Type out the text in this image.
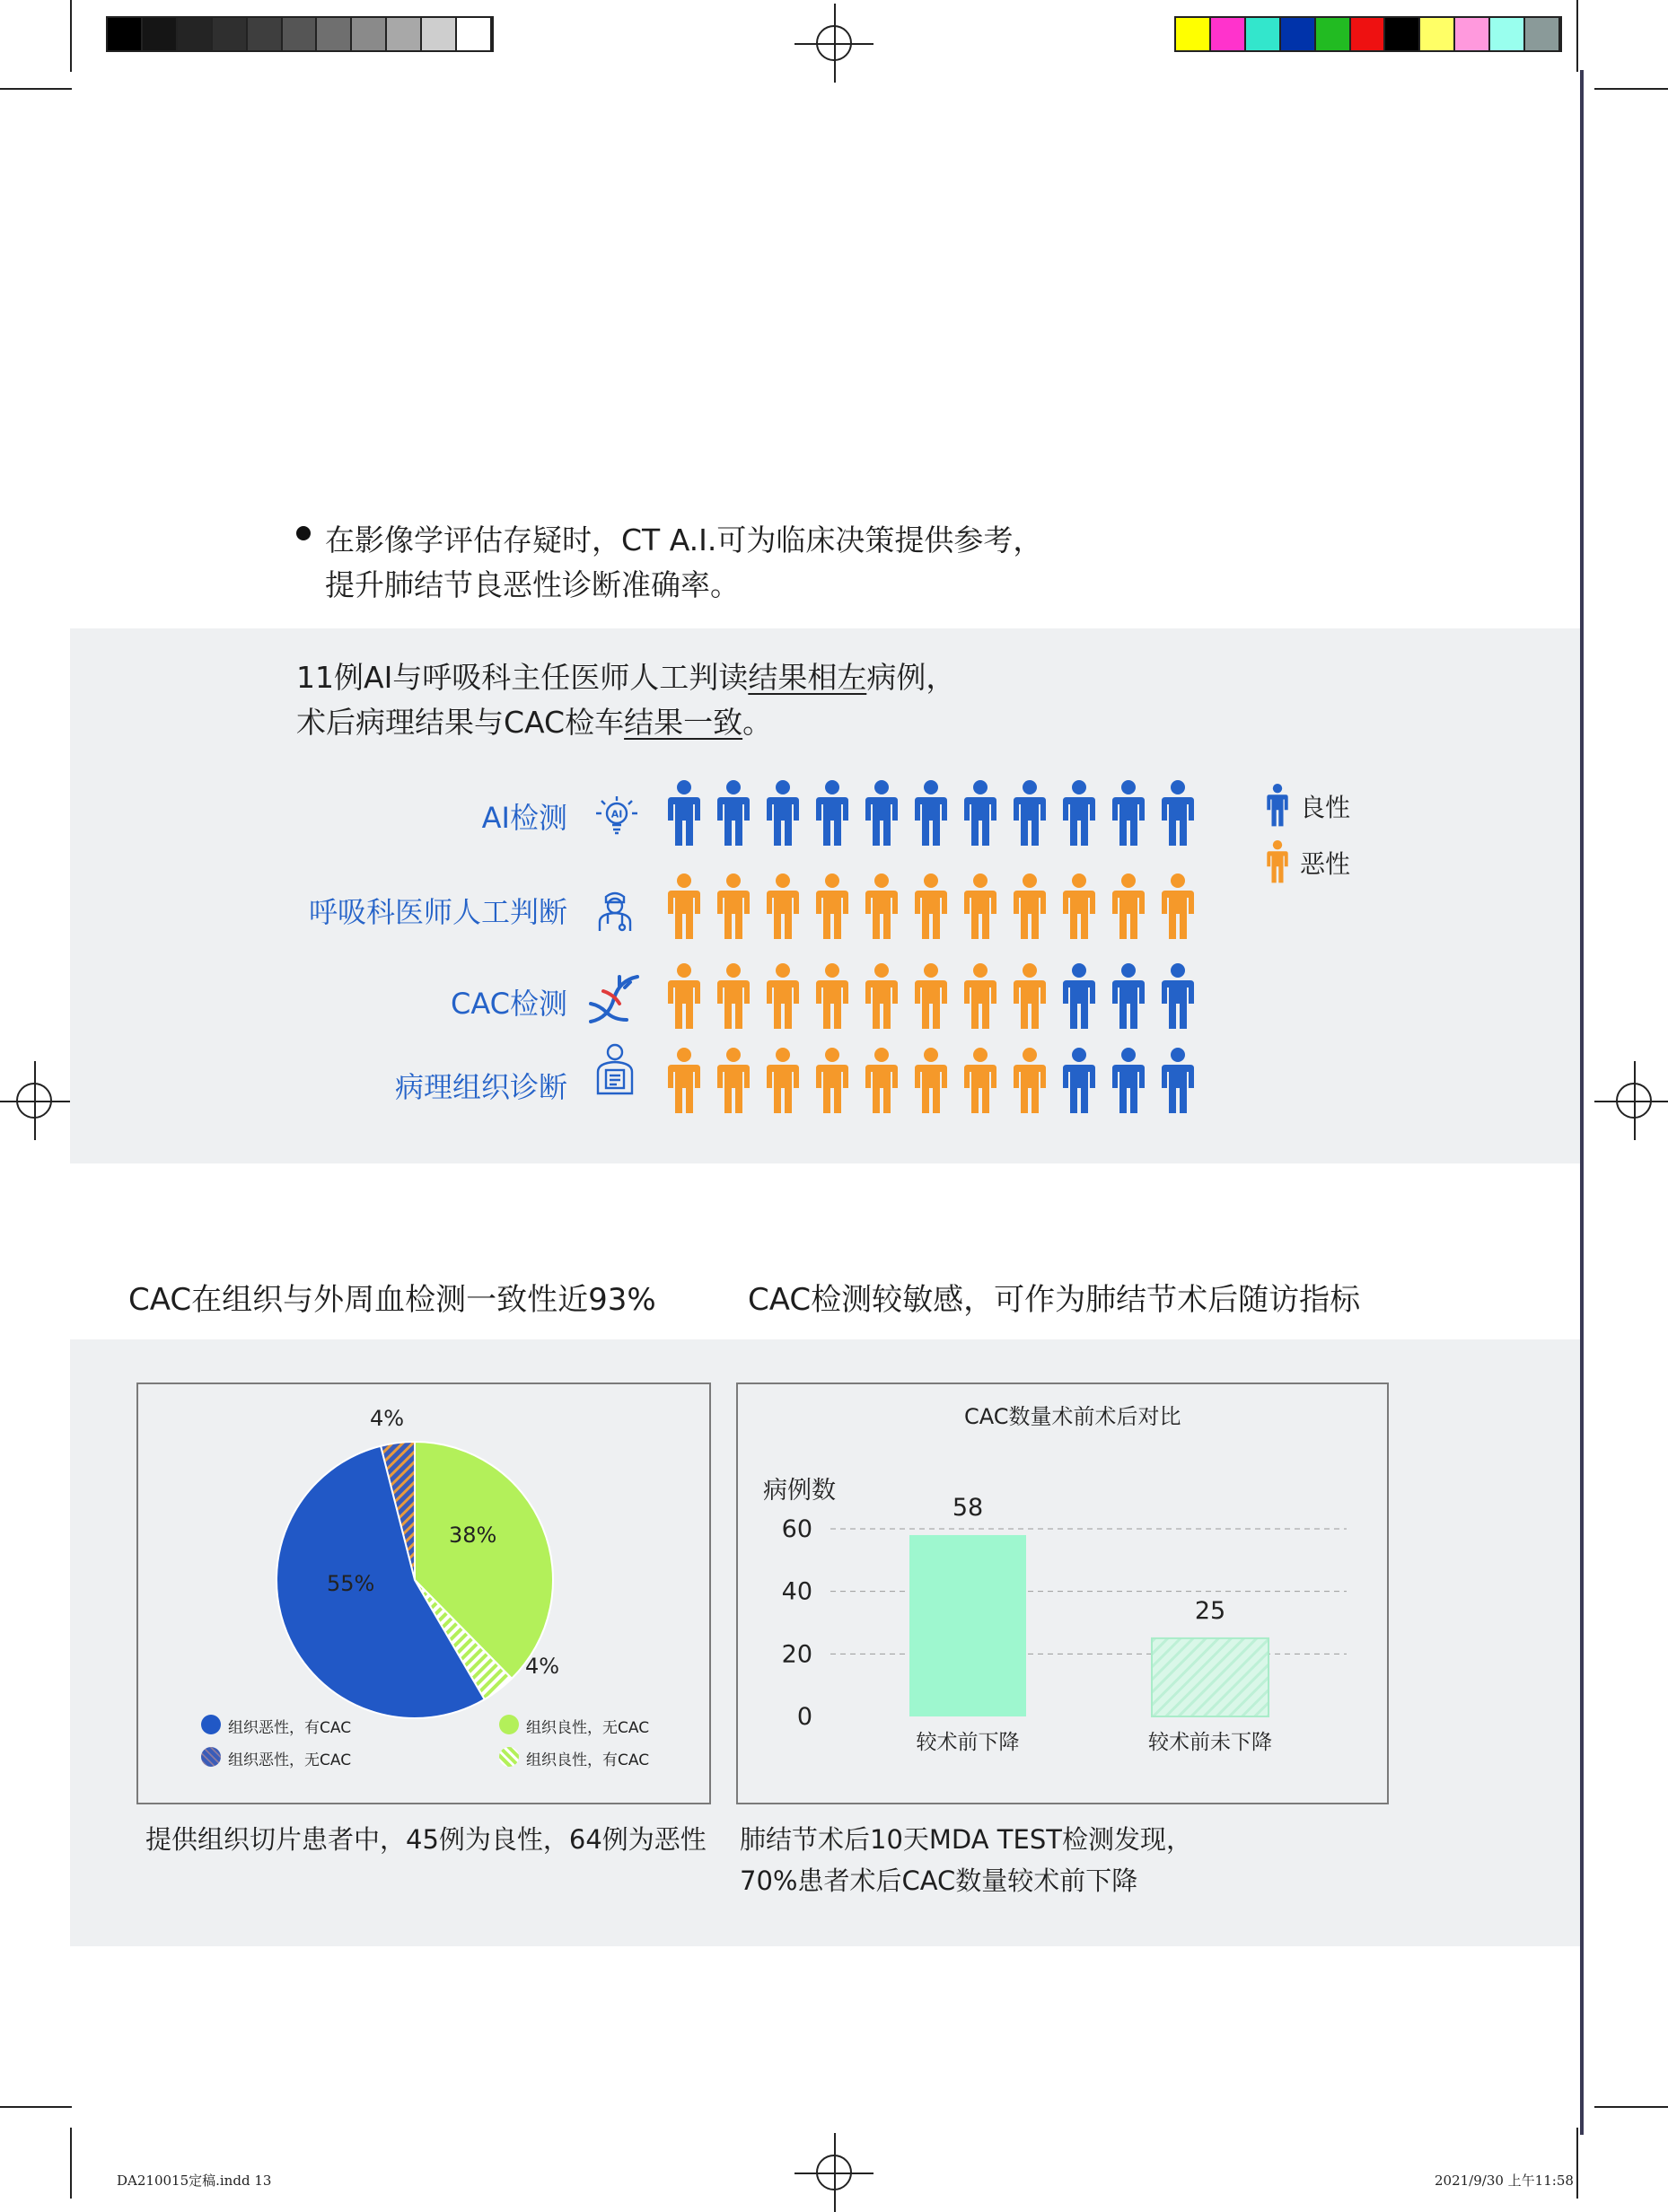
在影像学评估存疑时，CT A.I.可为临床决策提供参考，
提升肺结节良恶性诊断准确率。
11例AI与呼吸科主任医师人工判读结果相左病例，
术后病理结果与CAC检车结果一致。
AI检测
呼吸科医师人工判断
CAC检测
病理组织诊断
AI	良性
恶性
CAC在组织与外周血检测一致性近93%	CAC检测较敏感，可作为肺结节术后随访指标
55%
38%
4%
4%
组织恶性，有CAC	组织良性，无CAC
组织恶性，无CAC	组织良性，有CAC
0
20
40
60
58
较术前下降
25
较术前未下降
CAC数量术前术后对比
病例数
提供组织切片患者中，45例为良性，64例为恶性 肺结节术后10天MDA TEST检测发现，
70%患者术后CAC数量较术前下降
DA210015定稿.indd 13	2021/9/30 上午11:58
